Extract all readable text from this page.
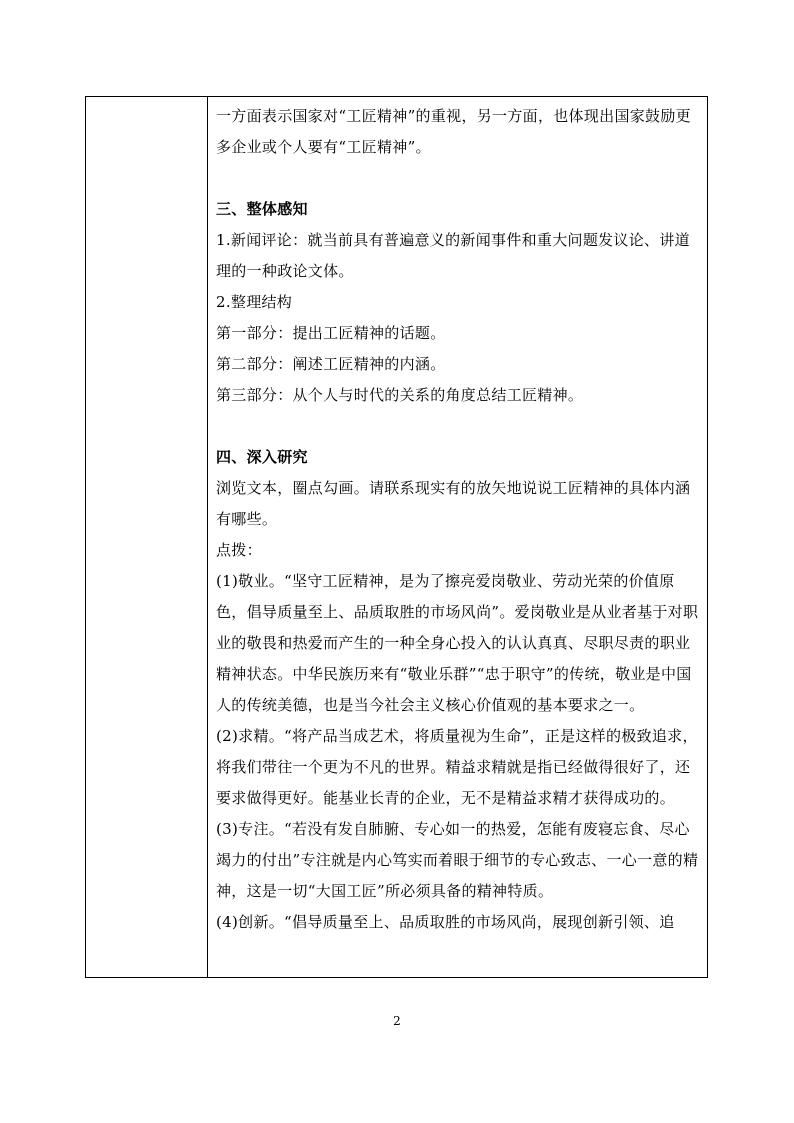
一方面表示国家对“工匠精神”的重视，另一方面，也体现出国家鼓励更多企业或个人要有“工匠精神”。

三、整体感知

1.新闻评论：就当前具有普遍意义的新闻事件和重大问题发议论、讲道理的一种政论文体。

2.整理结构

第一部分：提出工匠精神的话题。

第二部分：阐述工匠精神的内涵。

第三部分：从个人与时代的关系的角度总结工匠精神。

四、深入研究

浏览文本，圈点勾画。请联系现实有的放矢地说说工匠精神的具体内涵有哪些。

点拨：

(1)敬业。“坚守工匠精神，是为了擦亮爱岗敬业、劳动光荣的价值原色，倡导质量至上、品质取胜的市场风尚”。爱岗敬业是从业者基于对职业的敬畏和热爱而产生的一种全身心投入的认认真真、尽职尽责的职业精神状态。中华民族历来有“敬业乐群”“忠于职守”的传统，敬业是中国人的传统美德，也是当今社会主义核心价值观的基本要求之一。

(2)求精。“将产品当成艺术，将质量视为生命”，正是这样的极致追求，将我们带往一个更为不凡的世界。精益求精就是指已经做得很好了，还要求做得更好。能基业长青的企业，无不是精益求精才获得成功的。

(3)专注。“若没有发自肺腑、专心如一的热爱，怎能有废寝忘食、尽心竭力的付出”专注就是内心笃实而着眼于细节的专心致志、一心一意的精神，这是一切“大国工匠”所必须具备的精神特质。

(4)创新。“倡导质量至上、品质取胜的市场风尚，展现创新引领、追

2
